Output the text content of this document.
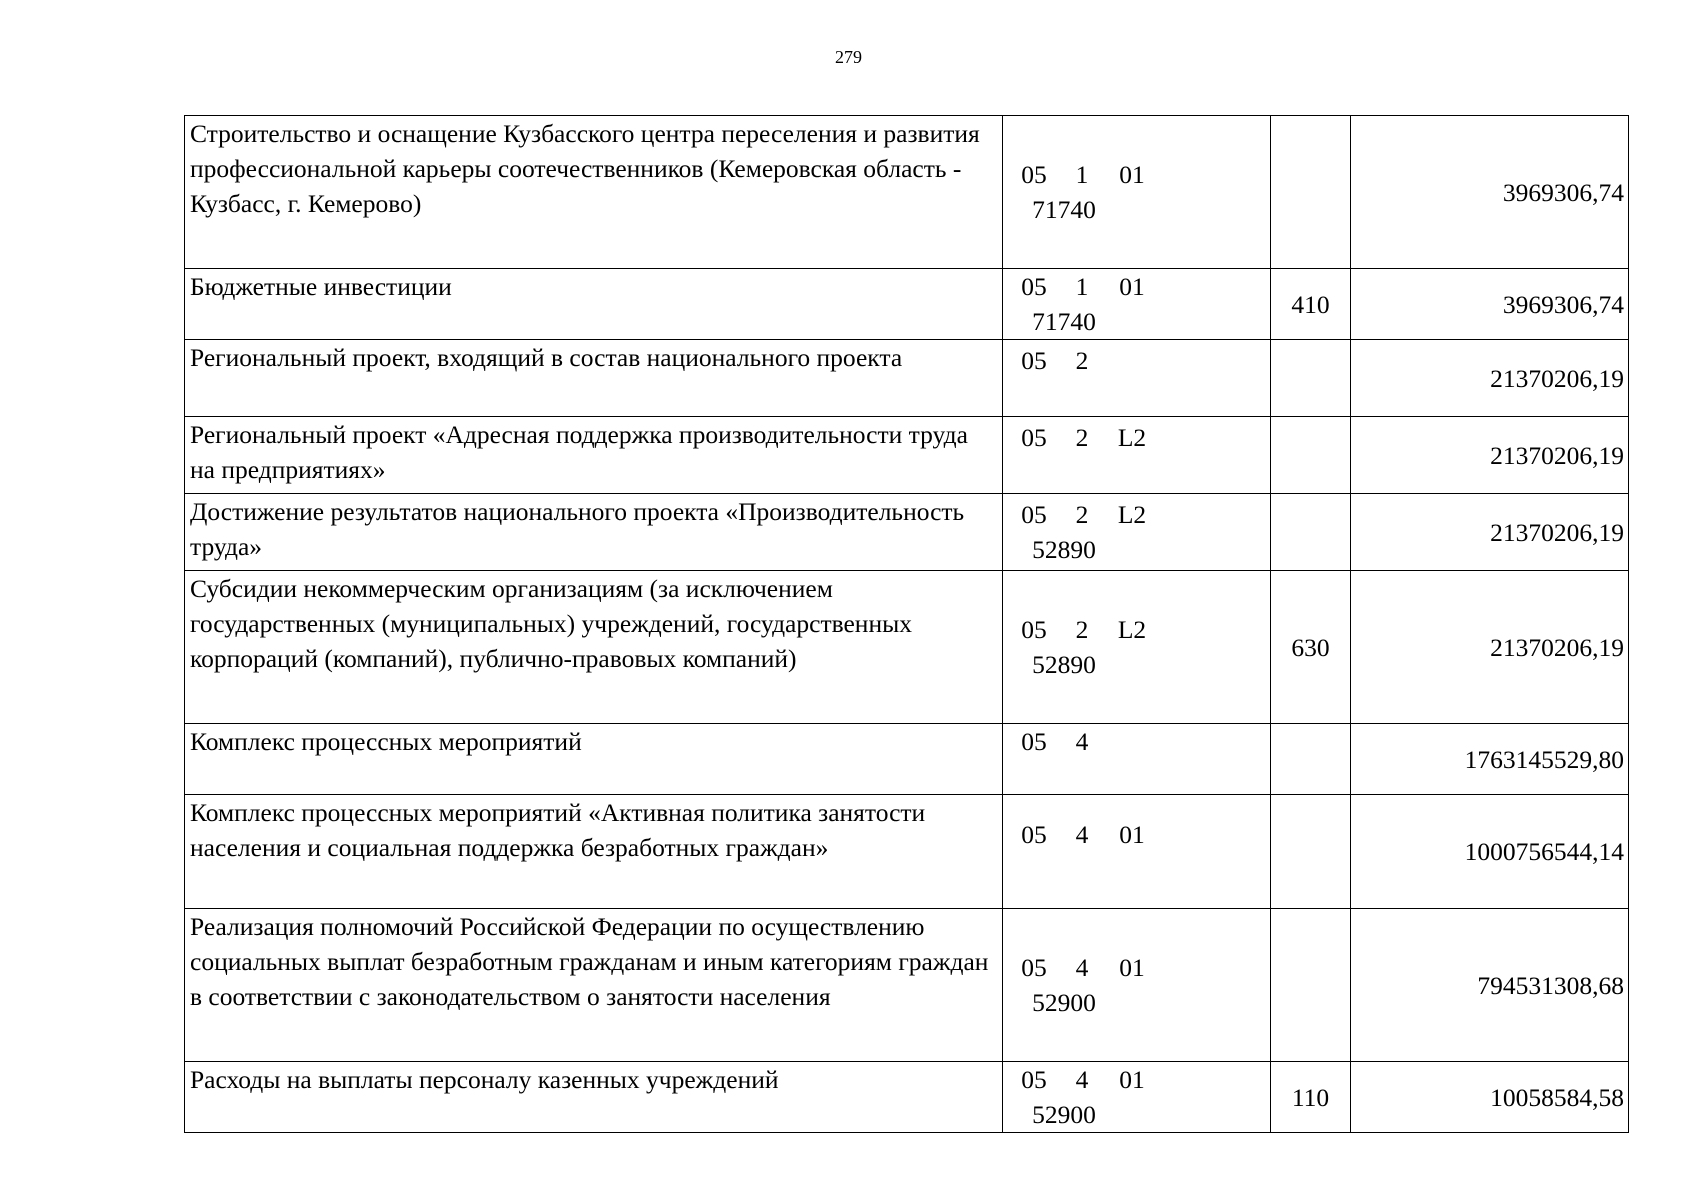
279
Строительство и оснащение Кузбасского центра переселения и развития профессиональной карьеры соотечественников (Кемеровская область - Кузбасс, г. Кемерово)	05 1 0171740		3969306,74
Бюджетные инвестиции	05 1 0171740	410	3969306,74
Региональный проект, входящий в состав национального проекта	05 2		21370206,19
Региональный проект «Адресная поддержка производительности труда на предприятиях»	05 2 L2		21370206,19
Достижение результатов национального проекта «Производительность труда»	05 2 L252890		21370206,19
Субсидии некоммерческим организациям (за исключением государственных (муниципальных) учреждений, государственных корпораций (компаний), публично-правовых компаний)	05 2 L252890	630	21370206,19
Комплекс процессных мероприятий	05 4		1763145529,80
Комплекс процессных мероприятий «Активная политика занятости населения и социальная поддержка безработных граждан»	05 4 01		1000756544,14
Реализация полномочий Российской Федерации по осуществлению социальных выплат безработным гражданам и иным категориям граждан в соответствии с законодательством о занятости населения	05 4 0152900		794531308,68
Расходы на выплаты персоналу казенных учреждений	05 4 0152900	110	10058584,58
